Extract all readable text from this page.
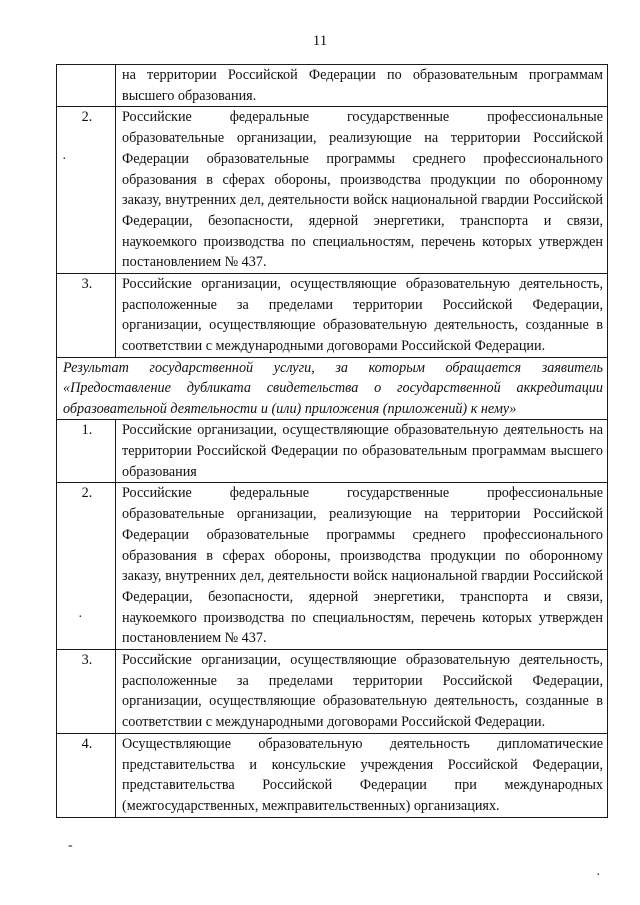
11
	на территории Российской Федерации по образовательным программам высшего образования.
2.	Российские федеральные государственные профессиональные образовательные организации, реализующие на территории Российской Федерации образовательные программы среднего профессионального образования в сферах обороны, производства продукции по оборонному заказу, внутренних дел, деятельности войск национальной гвардии Российской Федерации, безопасности, ядерной энергетики, транспорта и связи, наукоемкого производства по специальностям, перечень которых утвержден постановлением № 437.
3.	Российские организации, осуществляющие образовательную деятельность, расположенные за пределами территории Российской Федерации, организации, осуществляющие образовательную деятельность, созданные в соответствии с международными договорами Российской Федерации.
Результат государственной услуги, за которым обращается заявитель «Предоставление дубликата свидетельства о государственной аккредитации образовательной деятельности и (или) приложения (приложений) к нему»	
1.	Российские организации, осуществляющие образовательную деятельность на территории Российской Федерации по образовательным программам высшего образования
2.	Российские федеральные государственные профессиональные образовательные организации, реализующие на территории Российской Федерации образовательные программы среднего профессионального образования в сферах обороны, производства продукции по оборонному заказу, внутренних дел, деятельности войск национальной гвардии Российской Федерации, безопасности, ядерной энергетики, транспорта и связи, наукоемкого производства по специальностям, перечень которых утвержден постановлением № 437.
3.	Российские организации, осуществляющие образовательную деятельность, расположенные за пределами территории Российской Федерации, организации, осуществляющие образовательную деятельность, созданные в соответствии с международными договорами Российской Федерации.
4.	Осуществляющие образовательную деятельность дипломатические представительства и консульские учреждения Российской Федерации, представительства Российской Федерации при международных (межгосударственных, межправительственных) организациях.
·
·
-
·
